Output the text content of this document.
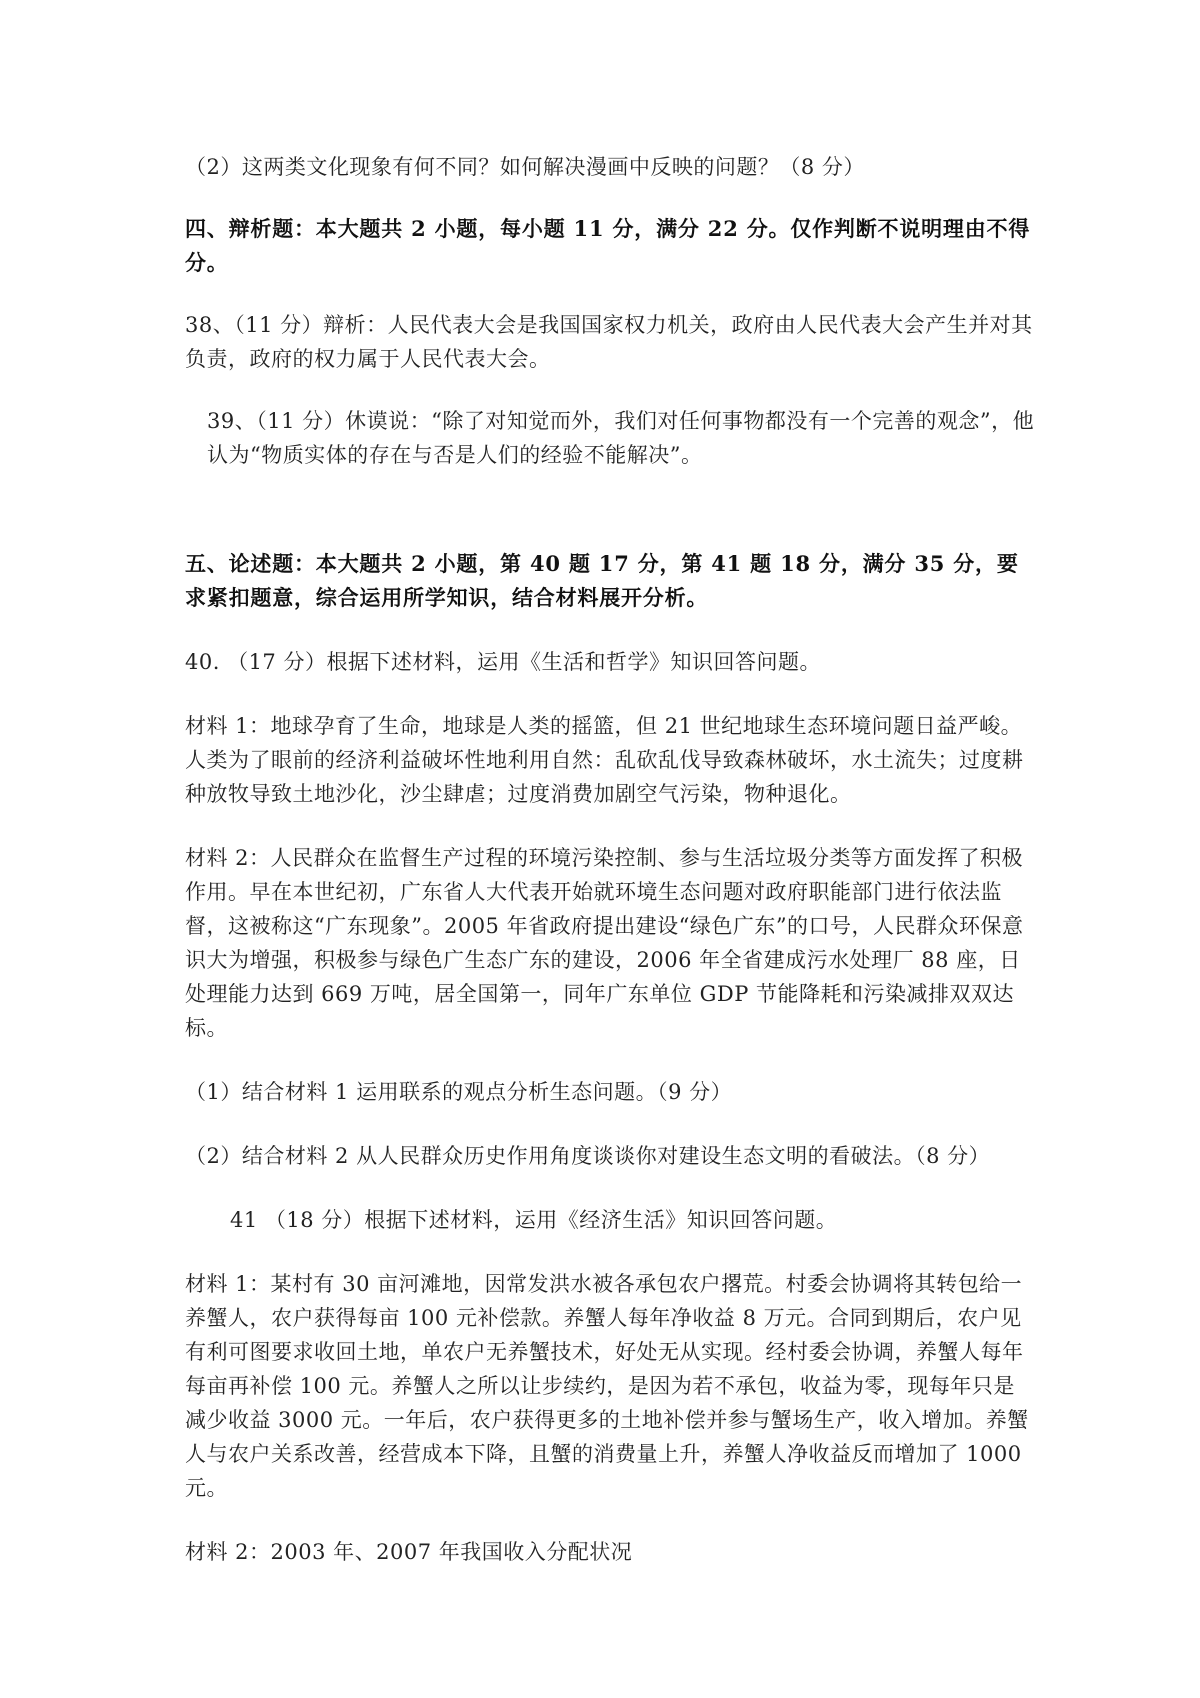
（2）这两类文化现象有何不同？如何解决漫画中反映的问题？（8 分）

四、辩析题：本大题共 2 小题，每小题 11 分，满分 22 分。仅作判断不说明理由不得分。

38、（11 分）辩析：人民代表大会是我国国家权力机关，政府由人民代表大会产生并对其负责，政府的权力属于人民代表大会。

39、（11 分）休谟说：“除了对知觉而外，我们对任何事物都没有一个完善的观念”，他认为“物质实体的存在与否是人们的经验不能解决”。

五、论述题：本大题共 2 小题，第 40 题 17 分，第 41 题 18 分，满分 35 分，要求紧扣题意，综合运用所学知识，结合材料展开分析。

40. （17 分）根据下述材料，运用《生活和哲学》知识回答问题。

材料 1：地球孕育了生命，地球是人类的摇篮，但 21 世纪地球生态环境问题日益严峻。人类为了眼前的经济利益破坏性地利用自然：乱砍乱伐导致森林破坏，水土流失；过度耕种放牧导致土地沙化，沙尘肆虐；过度消费加剧空气污染，物种退化。

材料 2：人民群众在监督生产过程的环境污染控制、参与生活垃圾分类等方面发挥了积极作用。早在本世纪初，广东省人大代表开始就环境生态问题对政府职能部门进行依法监督，这被称这“广东现象”。2005 年省政府提出建设“绿色广东”的口号，人民群众环保意识大为增强，积极参与绿色广生态广东的建设，2006 年全省建成污水处理厂 88 座，日处理能力达到 669 万吨，居全国第一，同年广东单位 GDP 节能降耗和污染减排双双达标。

（1）结合材料 1 运用联系的观点分析生态问题。（9 分）

（2）结合材料 2 从人民群众历史作用角度谈谈你对建设生态文明的看破法。（8 分）

41 （18 分）根据下述材料，运用《经济生活》知识回答问题。

材料 1：某村有 30 亩河滩地，因常发洪水被各承包农户撂荒。村委会协调将其转包给一养蟹人，农户获得每亩 100 元补偿款。养蟹人每年净收益 8 万元。合同到期后，农户见有利可图要求收回土地，单农户无养蟹技术，好处无从实现。经村委会协调，养蟹人每年每亩再补偿 100 元。养蟹人之所以让步续约，是因为若不承包，收益为零，现每年只是减少收益 3000 元。一年后，农户获得更多的土地补偿并参与蟹场生产，收入增加。养蟹人与农户关系改善，经营成本下降，且蟹的消费量上升，养蟹人净收益反而增加了 1000 元。

材料 2：2003 年、2007 年我国收入分配状况
